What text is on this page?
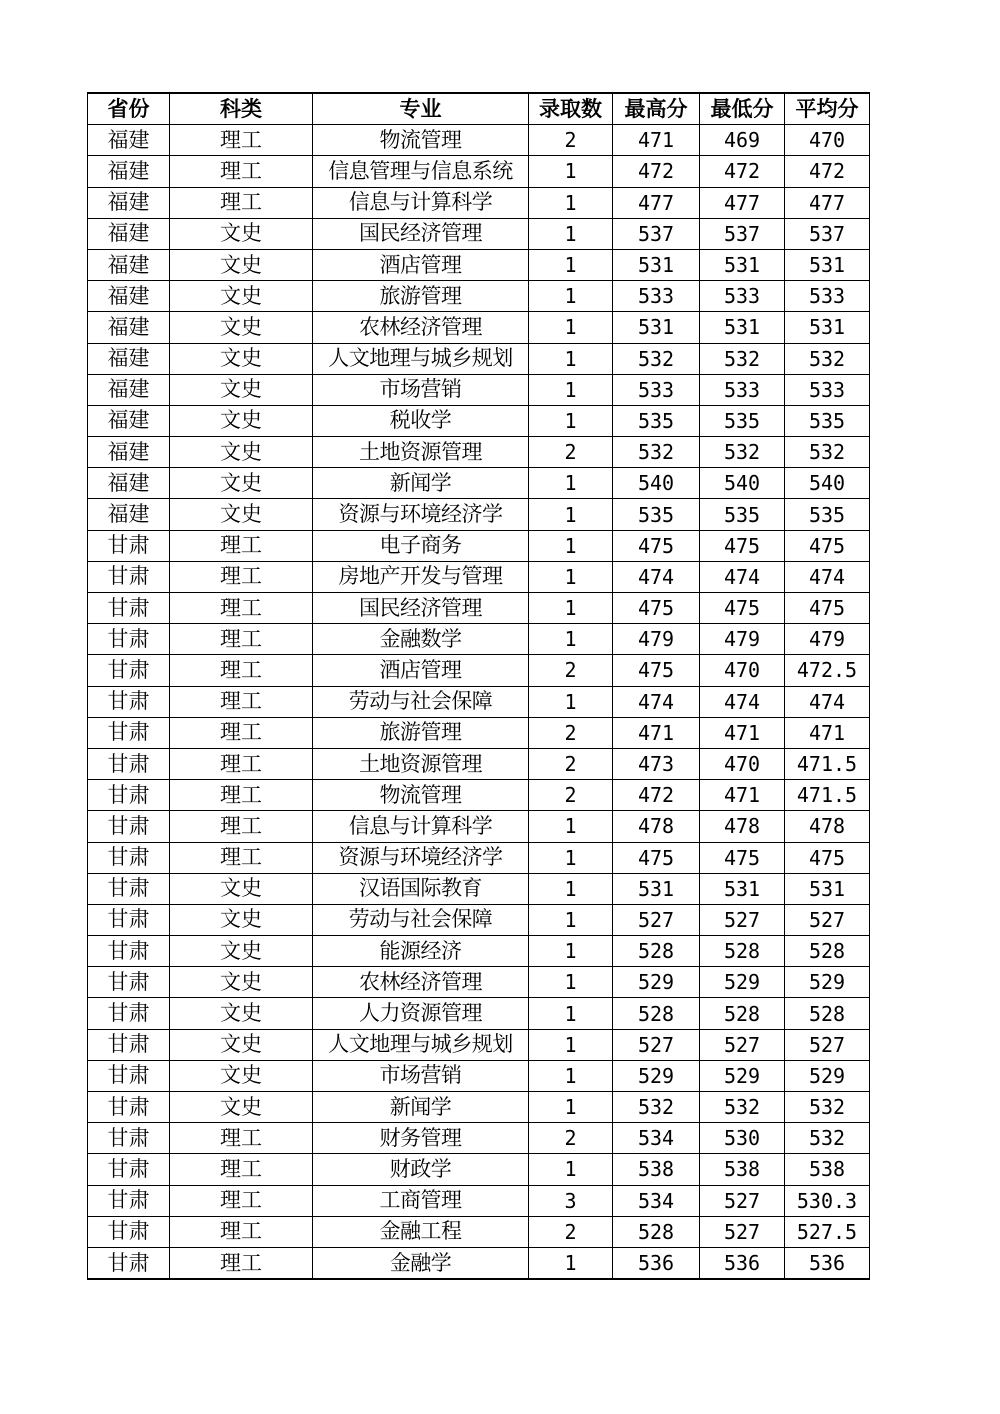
省份	科类	专业	录取数	最高分	最低分	平均分
福建	理工	物流管理	2	471	469	470
福建	理工	信息管理与信息系统	1	472	472	472
福建	理工	信息与计算科学	1	477	477	477
福建	文史	国民经济管理	1	537	537	537
福建	文史	酒店管理	1	531	531	531
福建	文史	旅游管理	1	533	533	533
福建	文史	农林经济管理	1	531	531	531
福建	文史	人文地理与城乡规划	1	532	532	532
福建	文史	市场营销	1	533	533	533
福建	文史	税收学	1	535	535	535
福建	文史	土地资源管理	2	532	532	532
福建	文史	新闻学	1	540	540	540
福建	文史	资源与环境经济学	1	535	535	535
甘肃	理工	电子商务	1	475	475	475
甘肃	理工	房地产开发与管理	1	474	474	474
甘肃	理工	国民经济管理	1	475	475	475
甘肃	理工	金融数学	1	479	479	479
甘肃	理工	酒店管理	2	475	470	472.5
甘肃	理工	劳动与社会保障	1	474	474	474
甘肃	理工	旅游管理	2	471	471	471
甘肃	理工	土地资源管理	2	473	470	471.5
甘肃	理工	物流管理	2	472	471	471.5
甘肃	理工	信息与计算科学	1	478	478	478
甘肃	理工	资源与环境经济学	1	475	475	475
甘肃	文史	汉语国际教育	1	531	531	531
甘肃	文史	劳动与社会保障	1	527	527	527
甘肃	文史	能源经济	1	528	528	528
甘肃	文史	农林经济管理	1	529	529	529
甘肃	文史	人力资源管理	1	528	528	528
甘肃	文史	人文地理与城乡规划	1	527	527	527
甘肃	文史	市场营销	1	529	529	529
甘肃	文史	新闻学	1	532	532	532
甘肃	理工	财务管理	2	534	530	532
甘肃	理工	财政学	1	538	538	538
甘肃	理工	工商管理	3	534	527	530.3
甘肃	理工	金融工程	2	528	527	527.5
甘肃	理工	金融学	1	536	536	536
